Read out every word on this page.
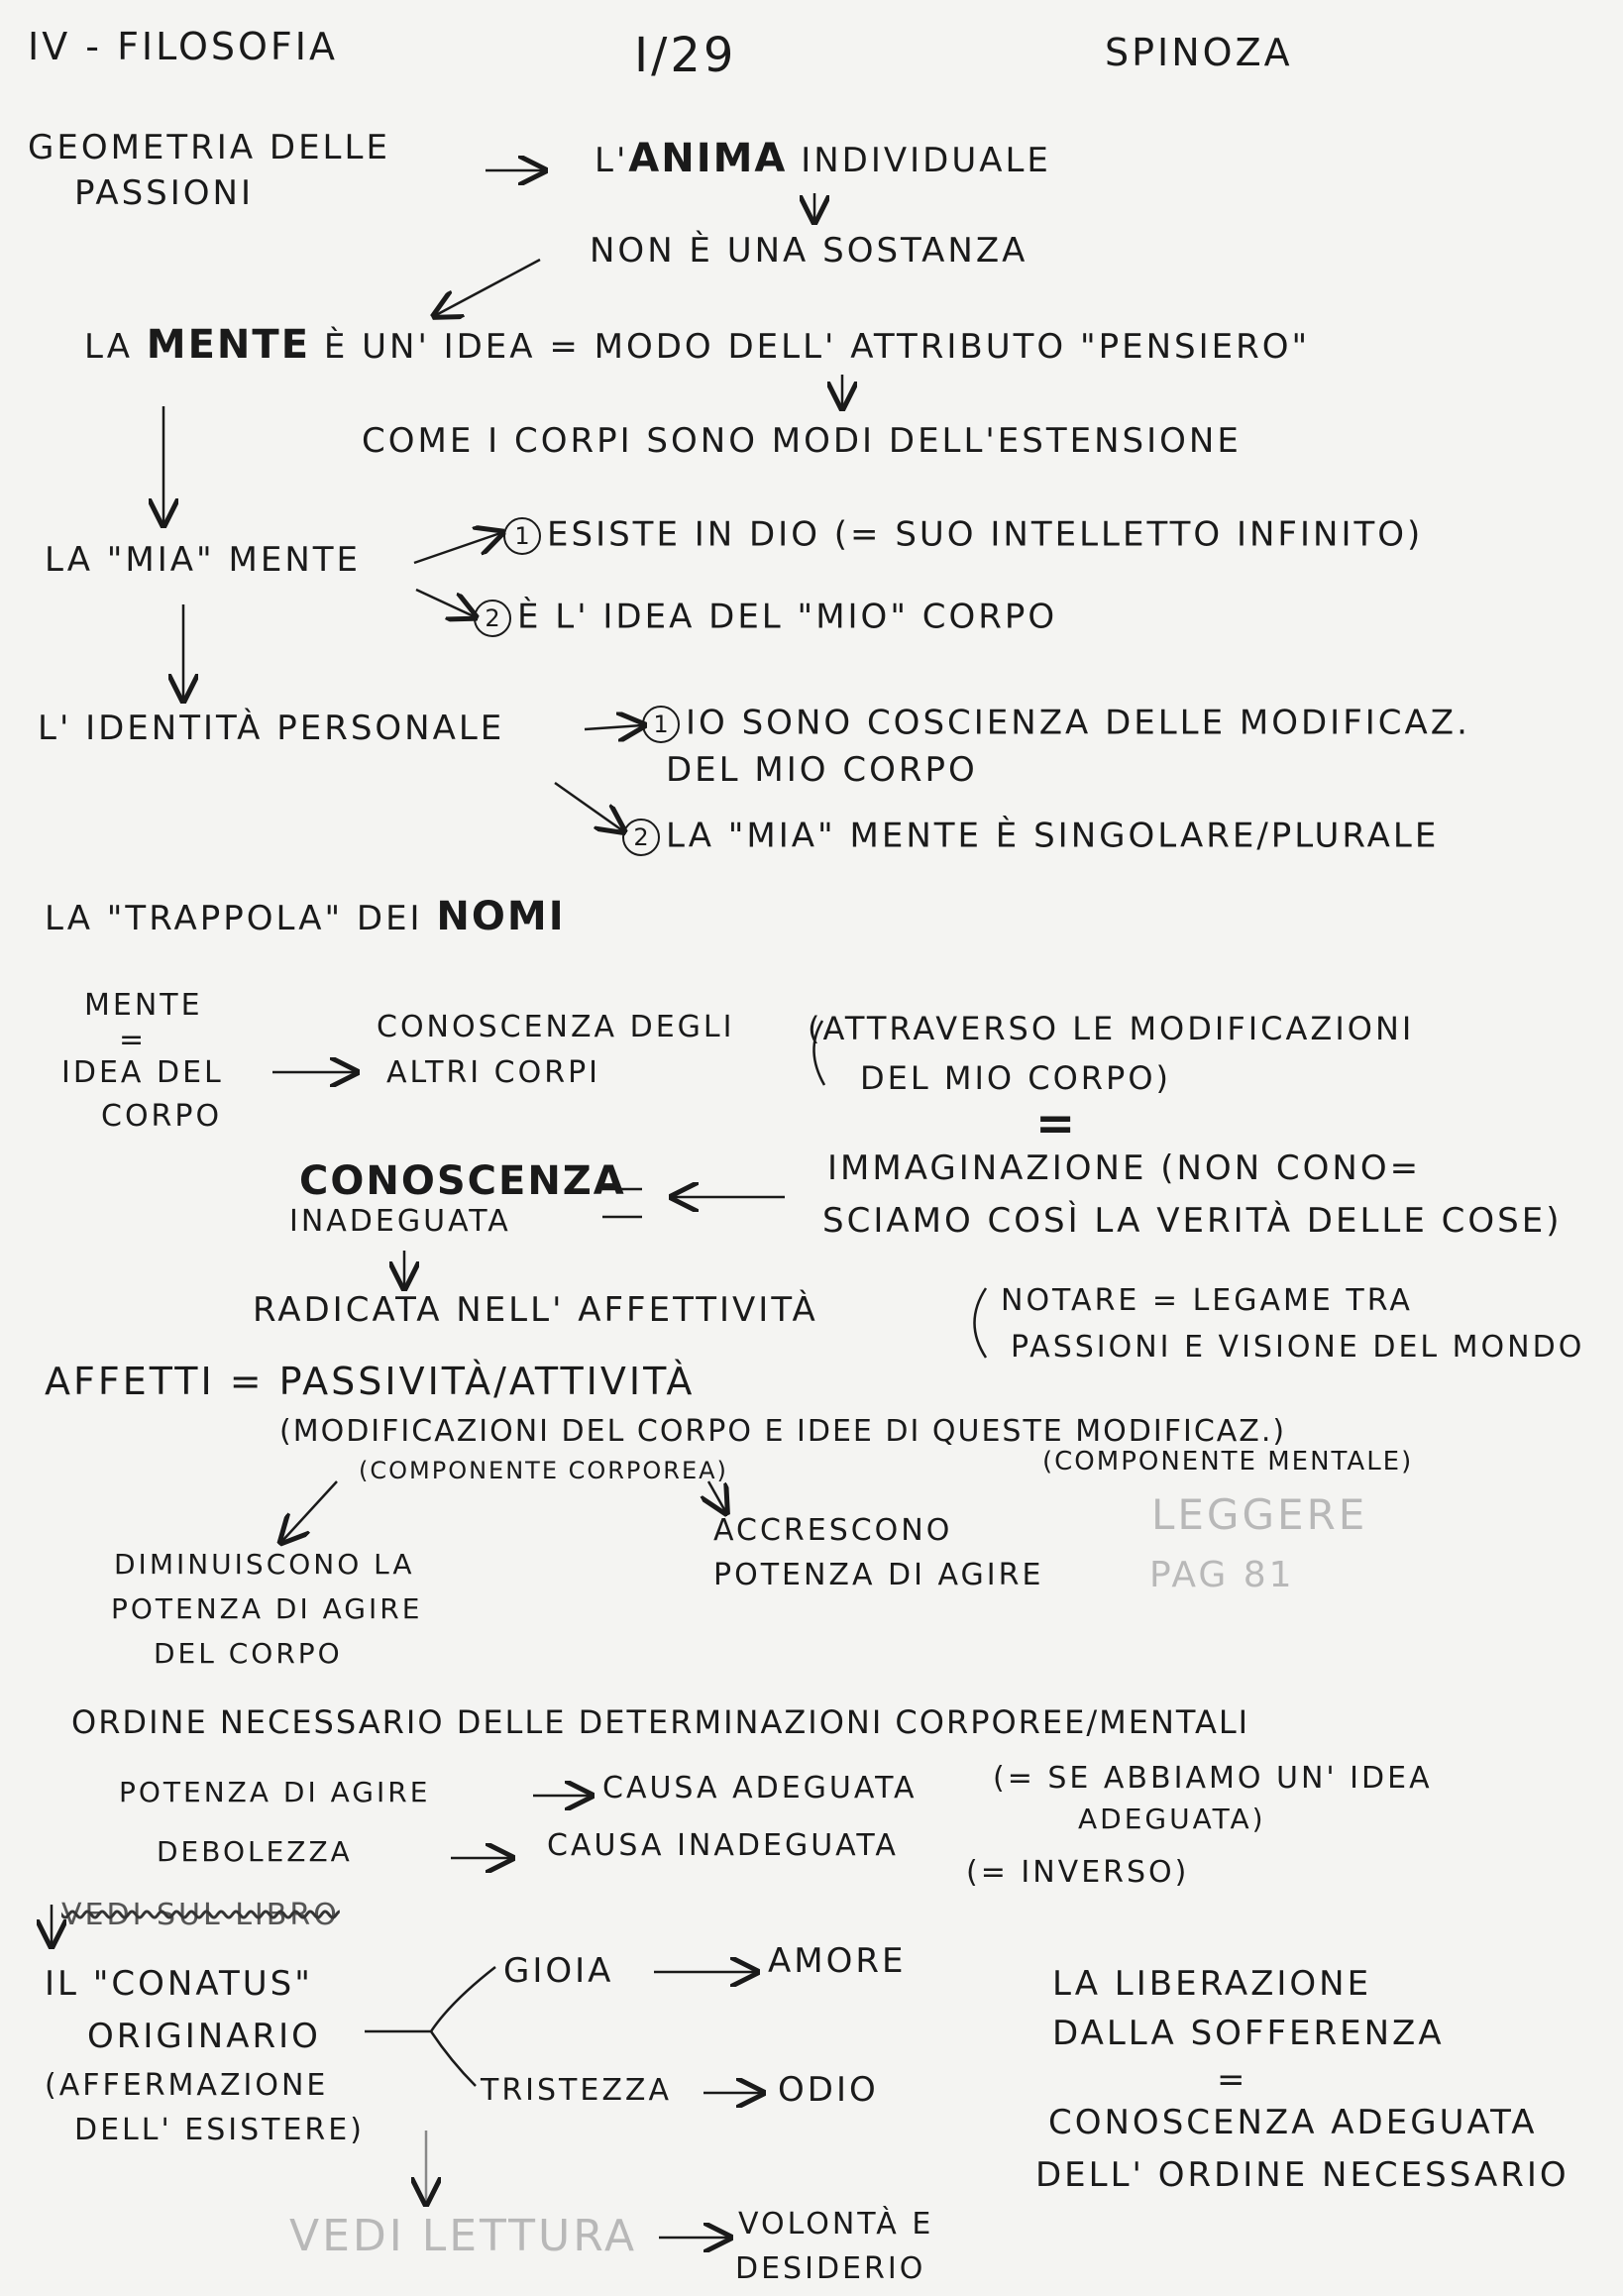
IV - FILOSOFIA	I/29	SPINOZA
GEOMETRIA DELLE
PASSIONI
L'ANIMA INDIVIDUALE
NON È UNA SOSTANZA
LA MENTE È UN' IDEA = MODO DELL' ATTRIBUTO "PENSIERO"
COME I CORPI SONO MODI DELL'ESTENSIONE
LA "MIA" MENTE
1 ESISTE IN DIO (= SUO INTELLETTO INFINITO)
2 È L' IDEA DEL "MIO" CORPO
L' IDENTITÀ PERSONALE	1 IO SONO COSCIENZA DELLE MODIFICAZ.
DEL MIO CORPO
2 LA "MIA" MENTE È SINGOLARE/PLURALE
LA "TRAPPOLA" DEI NOMI
MENTE
=
IDEA DEL
CORPO
CONOSCENZA DEGLI
ALTRI CORPI
(ATTRAVERSO LE MODIFICAZIONI
DEL MIO CORPO)
=
CONOSCENZA
INADEGUATA
IMMAGINAZIONE (NON CONO=
SCIAMO COSÌ LA VERITÀ DELLE COSE)
RADICATA NELL' AFFETTIVITÀ	NOTARE = LEGAME TRA
PASSIONI E VISIONE DEL MONDO
AFFETTI = PASSIVITÀ/ATTIVITÀ
(MODIFICAZIONI DEL CORPO E IDEE DI QUESTE MODIFICAZ.)
(COMPONENTE CORPOREA)	(COMPONENTE MENTALE)
LEGGERE
PAG 81
ACCRESCONO
POTENZA DI AGIRE
DIMINUISCONO LA
POTENZA DI AGIRE
DEL CORPO
ORDINE NECESSARIO DELLE DETERMINAZIONI CORPOREE/MENTALI
POTENZA DI AGIRE	CAUSA ADEGUATA	(= SE ABBIAMO UN' IDEA
ADEGUATA)
DEBOLEZZA	CAUSA INADEGUATA
(= INVERSO)
VEDI SUL LIBRO
IL "CONATUS"
ORIGINARIO
(AFFERMAZIONE
DELL' ESISTERE)
GIOIA	AMORE
TRISTEZZA	ODIO
LA LIBERAZIONE
DALLA SOFFERENZA
=
CONOSCENZA ADEGUATA
DELL' ORDINE NECESSARIO
VEDI LETTURA	VOLONTÀ E
DESIDERIO
